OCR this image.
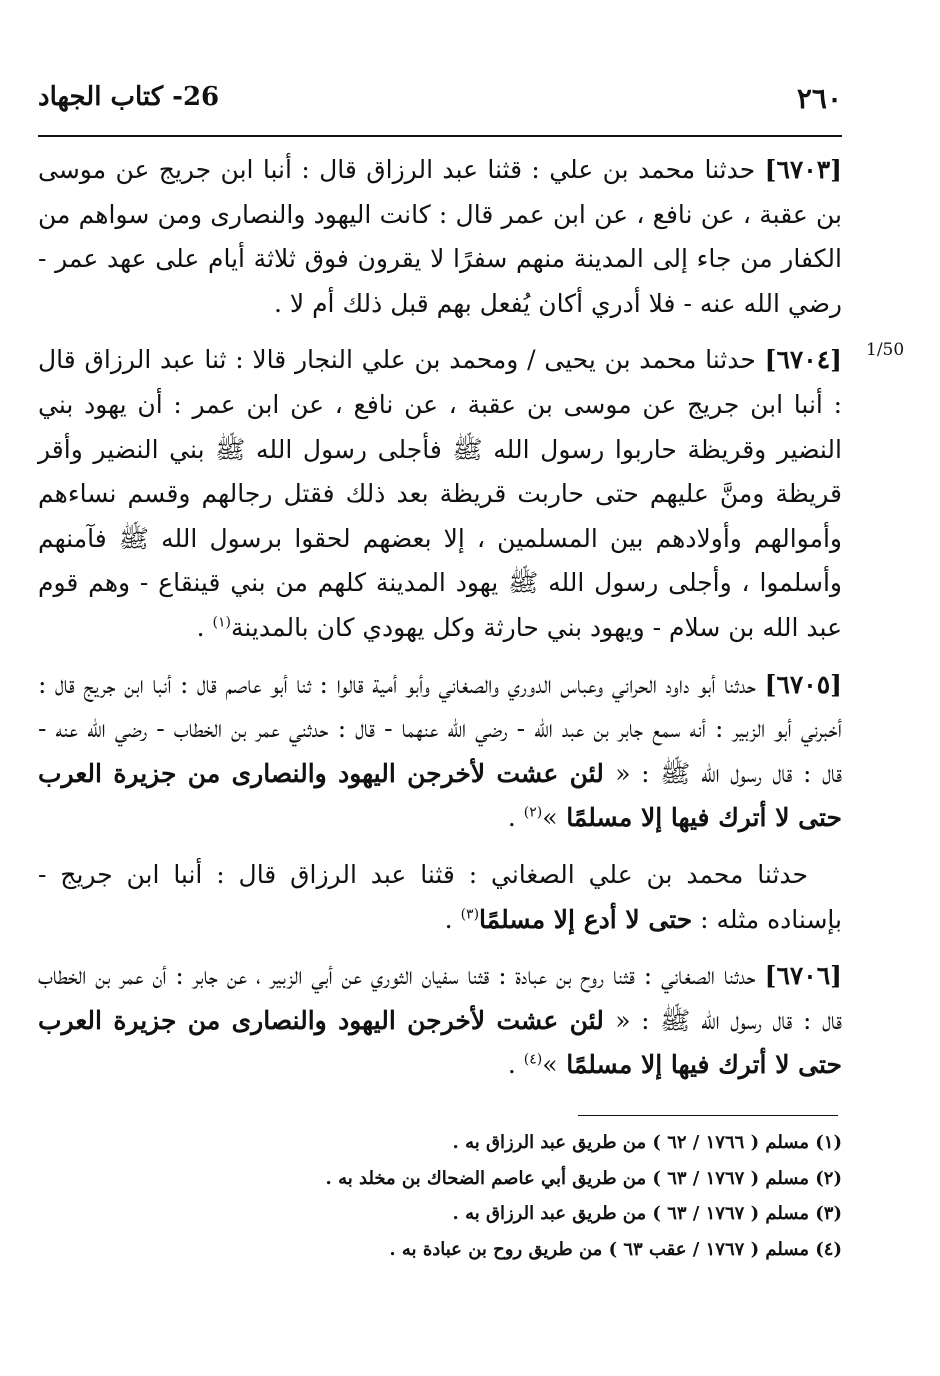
٢٦٠
26- كتاب الجهاد
1/50

[٦٧٠٣] حدثنا محمد بن علي : قثنا عبد الرزاق قال : أنبا ابن جريج عن موسى بن عقبة ، عن نافع ، عن ابن عمر قال : كانت اليهود والنصارى ومن سواهم من الكفار من جاء إلى المدينة منهم سفرًا لا يقرون فوق ثلاثة أيام على عهد عمر - رضي الله عنه - فلا أدري أكان يُفعل بهم قبل ذلك أم لا .

[٦٧٠٤] حدثنا محمد بن يحيى / ومحمد بن علي النجار قالا : ثنا عبد الرزاق قال : أنبا ابن جريج عن موسى بن عقبة ، عن نافع ، عن ابن عمر : أن يهود بني النضير وقريظة حاربوا رسول الله ﷺ فأجلى رسول الله ﷺ بني النضير وأقر قريظة ومنَّ عليهم حتى حاربت قريظة بعد ذلك فقتل رجالهم وقسم نساءهم وأموالهم وأولادهم بين المسلمين ، إلا بعضهم لحقوا برسول الله ﷺ فآمنهم وأسلموا ، وأجلى رسول الله ﷺ يهود المدينة كلهم من بني قينقاع - وهم قوم عبد الله بن سلام - ويهود بني حارثة وكل يهودي كان بالمدينة$^{(١)}$ .

[٦٧٠٥] حدثنا أبو داود الحراني وعباس الدوري والصغاني وأبو أمية قالوا : ثنا أبو عاصم قال : أنبا ابن جريج قال : أخبرني أبو الزبير : أنه سمع جابر بن عبد الله - رضي الله عنهما - قال : حدثني عمر بن الخطاب - رضي الله عنه - قال : قال رسول الله ﷺ : « لئن عشت لأخرجن اليهود والنصارى من جزيرة العرب حتى لا أترك فيها إلا مسلمًا »$^{(٢)}$ .

حدثنا محمد بن علي الصغاني : قثنا عبد الرزاق قال : أنبا ابن جريج - بإسناده مثله : حتى لا أدع إلا مسلمًا$^{(٣)}$ .

[٦٧٠٦] حدثنا الصغاني : قثنا روح بن عبادة : قثنا سفيان الثوري عن أبي الزبير ، عن جابر : أن عمر بن الخطاب قال : قال رسول الله ﷺ : « لئن عشت لأخرجن اليهود والنصارى من جزيرة العرب حتى لا أترك فيها إلا مسلمًا »$^{(٤)}$ .

(١) مسلم ( ١٧٦٦ / ٦٢ ) من طريق عبد الرزاق به .

(٢) مسلم ( ١٧٦٧ / ٦٣ ) من طريق أبي عاصم الضحاك بن مخلد به .

(٣) مسلم ( ١٧٦٧ / ٦٣ ) من طريق عبد الرزاق به .

(٤) مسلم ( ١٧٦٧ / عقب ٦٣ ) من طريق روح بن عبادة به .
